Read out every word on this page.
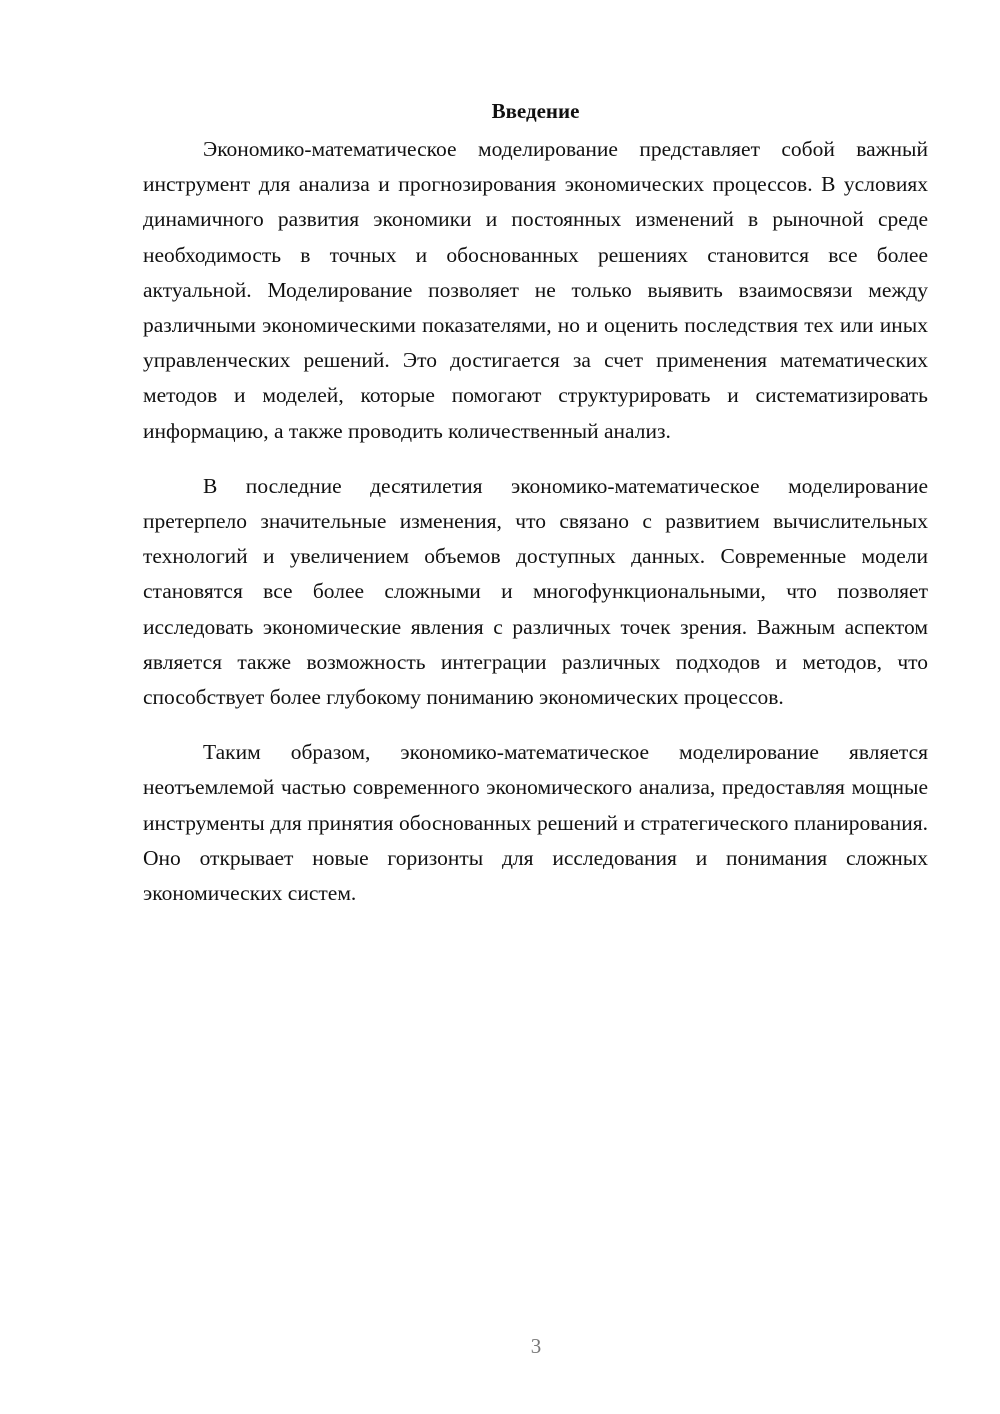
Введение

Экономико-математическое моделирование представляет собой важный инструмент для анализа и прогнозирования экономических процессов. В условиях динамичного развития экономики и постоянных изменений в рыночной среде необходимость в точных и обоснованных решениях становится все более актуальной. Моделирование позволяет не только выявить взаимосвязи между различными экономическими показателями, но и оценить последствия тех или иных управленческих решений. Это достигается за счет применения математических методов и моделей, которые помогают структурировать и систематизировать информацию, а также проводить количественный анализ.

В последние десятилетия экономико-математическое моделирование претерпело значительные изменения, что связано с развитием вычислительных технологий и увеличением объемов доступных данных. Современные модели становятся все более сложными и многофункциональными, что позволяет исследовать экономические явления с различных точек зрения. Важным аспектом является также возможность интеграции различных подходов и методов, что способствует более глубокому пониманию экономических процессов.

Таким образом, экономико-математическое моделирование является неотъемлемой частью современного экономического анализа, предоставляя мощные инструменты для принятия обоснованных решений и стратегического планирования. Оно открывает новые горизонты для исследования и понимания сложных экономических систем.

3
